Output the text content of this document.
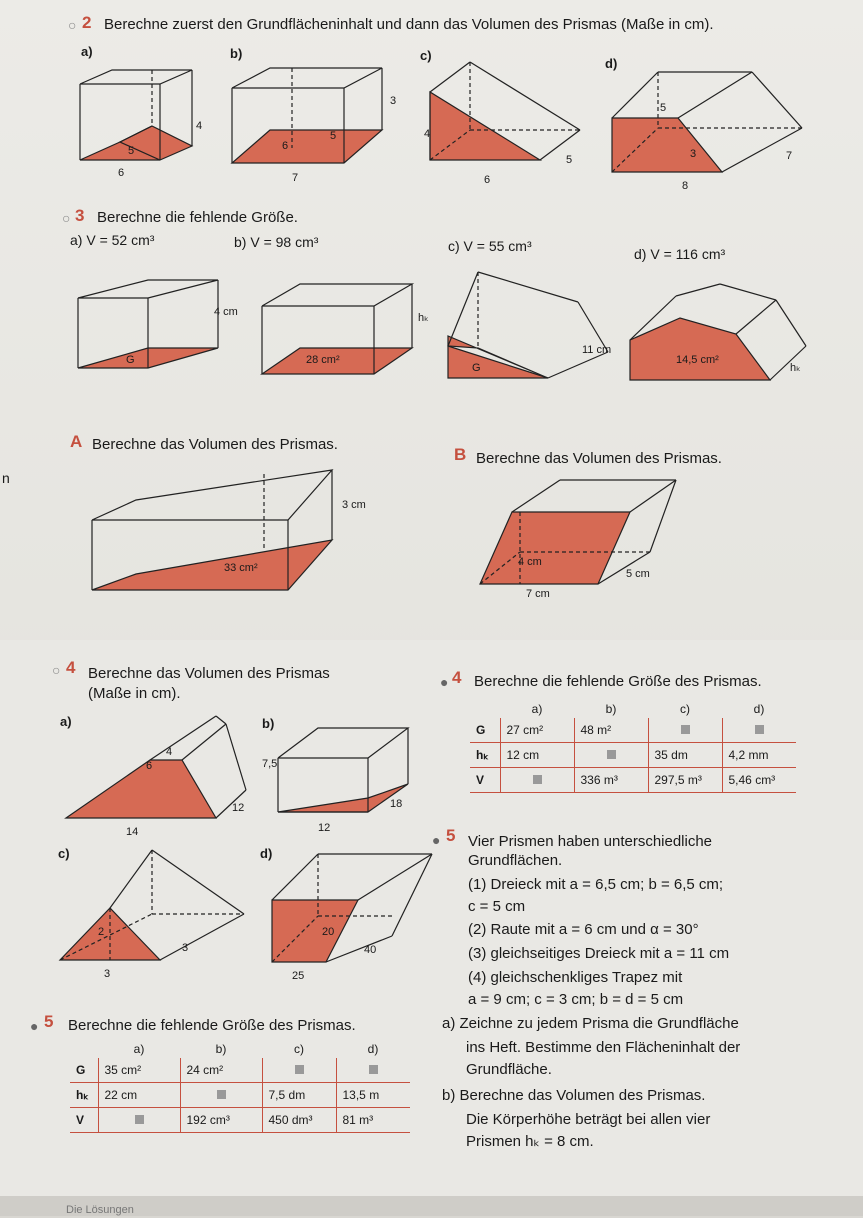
○ 2 Berechne zuerst den Grundflächeninhalt und dann das Volumen des Prismas (Maße in cm).
a)	b)	c)
d)
4
5
6
3
6
5
7
4
5
6
5
3	7
8
○ 3 Berechne die fehlende Größe.
a) V = 52 cm³	b) V = 98 cm³	c) V = 55 cm³	d) V = 116 cm³
4 cm
G	28 cm²
hₖ
11 cm
G
14,5 cm²
hₖ
A Berechne das Volumen des Prismas.
n
3 cm
33 cm²
B Berechne das Volumen des Prismas.
4 cm
5 cm
7 cm
○ 4 Berechne das Volumen des Prismas
(Maße in cm).
a)	b)
4
6
12
14
7,5
18
12
c)	d)
2
3
3
20
40
25
● 4 Berechne die fehlende Größe des Prismas.
	a)	b)	c)	d)
G	27 cm²	48 m²		
hₖ	12 cm		35 dm	4,2 mm
V		336 m³	297,5 m³	5,46 cm³
● 5 Vier Prismen haben unterschiedliche
Grundflächen.
(1) Dreieck mit a = 6,5 cm; b = 6,5 cm;
c = 5 cm
(2) Raute mit a = 6 cm und α = 30°
(3) gleichseitiges Dreieck mit a = 11 cm
(4) gleichschenkliges Trapez mit
a = 9 cm; c = 3 cm; b = d = 5 cm
a) Zeichne zu jedem Prisma die Grundfläche
ins Heft. Bestimme den Flächeninhalt der
Grundfläche.
b) Berechne das Volumen des Prismas.
Die Körperhöhe beträgt bei allen vier
Prismen hₖ = 8 cm.
● 5 Berechne die fehlende Größe des Prismas.
	a)	b)	c)	d)
G	35 cm²	24 cm²		
hₖ	22 cm		7,5 dm	13,5 m
V		192 cm³	450 dm³	81 m³
Die Lösungen
